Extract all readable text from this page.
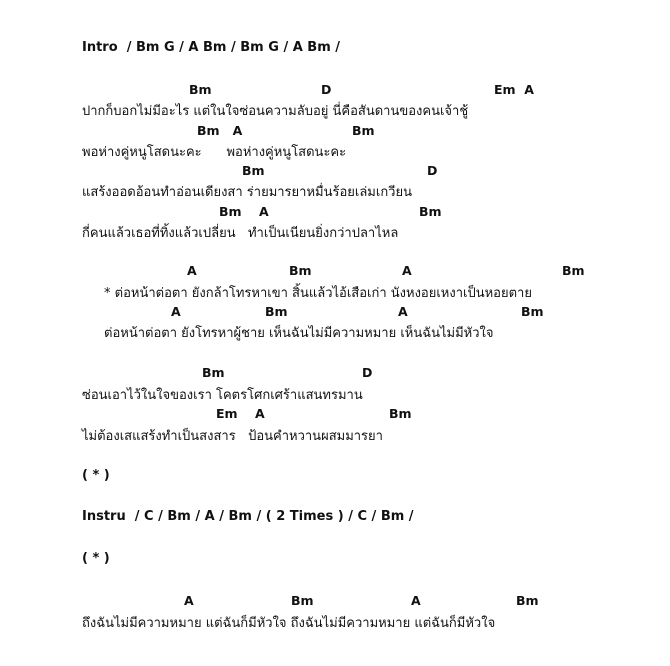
Intro  / Bm G / A Bm / Bm G / A Bm /
Bm	D	Em  A
ปากก็บอกไม่มีอะไร แต่ในใจซ่อนความลับอยู่ นี่คือสันดานของคนเจ้าชู้
Bm   A	Bm
พอห่างคู่หนูโสดนะคะ      พอห่างคู่หนูโสดนะคะ
Bm	D
แสร้งออดอ้อนทำอ่อนเดียงสา ร่ายมารยาหมื่นร้อยเล่มเกวียน
Bm    A	Bm
กี่คนแล้วเธอที่ทิ้งแล้วเปลี่ยน   ทำเป็นเนียนยิ่งกว่าปลาไหล
A	Bm	A	Bm
* ต่อหน้าต่อตา ยังกล้าโทรหาเขา สิ้นแล้วไอ้เสือเก่า นังหงอยเหงาเป็นหอยตาย
A	Bm	A	Bm
ต่อหน้าต่อตา ยังโทรหาผู้ชาย เห็นฉันไม่มีความหมาย เห็นฉันไม่มีหัวใจ
Bm	D
ซ่อนเอาไว้ในใจของเรา โคตรโศกเศร้าแสนทรมาน
Em    A	Bm
ไม่ต้องเสแสร้งทำเป็นสงสาร   ป้อนคำหวานผสมมารยา
( * )
Instru  / C / Bm / A / Bm / ( 2 Times ) / C / Bm /
( * )
A	Bm	A	Bm
ถึงฉันไม่มีความหมาย แต่ฉันก็มีหัวใจ ถึงฉันไม่มีความหมาย แต่ฉันก็มีหัวใจ
